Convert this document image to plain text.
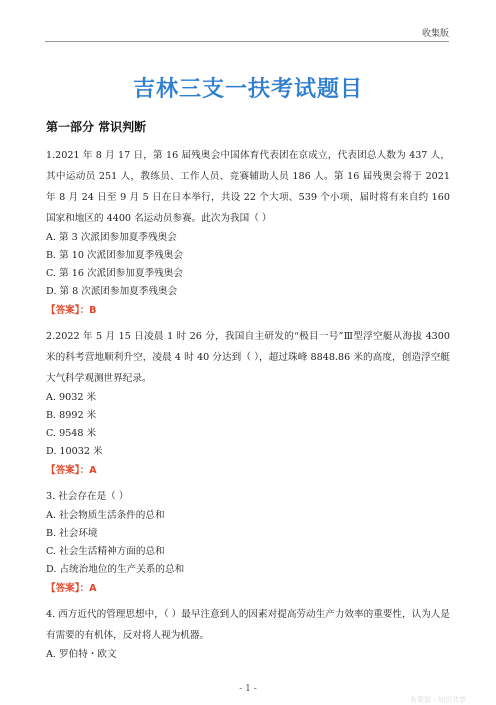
收集版
吉林三支一扶考试题目
第一部分 常识判断

1.2021 年 8 月 17 日，第 16 届残奥会中国体育代表团在京成立，代表团总人数为 437 人，其中运动员 251 人，教练员、工作人员、竞赛辅助人员 186 人。第 16 届残奥会将于 2021 年 8 月 24 日至 9 月 5 日在日本举行，共设 22 个大项、539 个小项，届时将有来自约 160 国家和地区的 4400 名运动员参赛。此次为我国（ ）

A. 第 3 次派团参加夏季残奥会

B. 第 10 次派团参加夏季残奥会

C. 第 16 次派团参加夏季残奥会

D. 第 8 次派团参加夏季残奥会

【答案】：B

2.2022 年 5 月 15 日凌晨 1 时 26 分，我国自主研发的“极目一号”Ⅲ型浮空艇从海拔 4300 米的科考营地顺利升空，凌晨 4 时 40 分达到（ ），超过珠峰 8848.86 米的高度，创造浮空艇大气科学观测世界纪录。

A. 9032 米

B. 8992 米

C. 9548 米

D. 10032 米

【答案】：A

3. 社会存在是（ ）

A. 社会物质生活条件的总和

B. 社会环境

C. 社会生活精神方面的总和

D. 占统治地位的生产关系的总和

【答案】：A

4. 西方近代的管理思想中，（ ）最早注意到人的因素对提高劳动生产力效率的重要性，认为人是有需要的有机体，反对将人视为机器。

A. 罗伯特・欧文

- 1 -
布蒙智 - 知识共享
